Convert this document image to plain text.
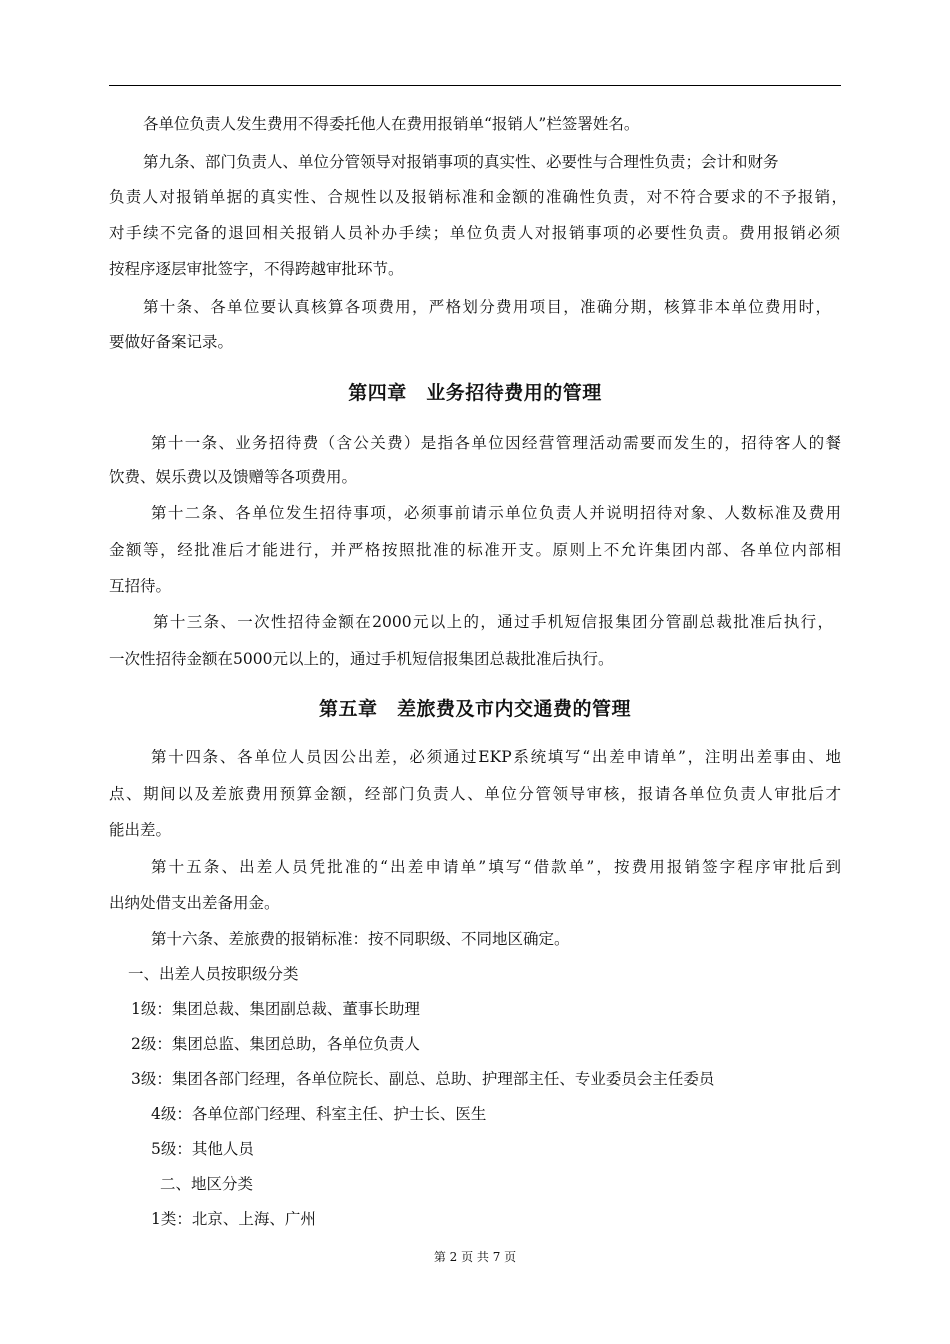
各单位负责人发生费用不得委托他人在费用报销单“报销人”栏签署姓名。
第九条、部门负责人、单位分管领导对报销事项的真实性、必要性与合理性负责；会计和财务
负责人对报销单据的真实性、合规性以及报销标准和金额的准确性负责，对不符合要求的不予报销，
对手续不完备的退回相关报销人员补办手续；单位负责人对报销事项的必要性负责。费用报销必须
按程序逐层审批签字，不得跨越审批环节。
第十条、各单位要认真核算各项费用，严格划分费用项目，准确分期，核算非本单位费用时，
要做好备案记录。
第四章　业务招待费用的管理
第十一条、业务招待费（含公关费）是指各单位因经营管理活动需要而发生的，招待客人的餐
饮费、娱乐费以及馈赠等各项费用。
第十二条、各单位发生招待事项，必须事前请示单位负责人并说明招待对象、人数标准及费用
金额等，经批准后才能进行，并严格按照批准的标准开支。原则上不允许集团内部、各单位内部相
互招待。
第十三条、一次性招待金额在2000元以上的，通过手机短信报集团分管副总裁批准后执行，
一次性招待金额在5000元以上的，通过手机短信报集团总裁批准后执行。
第五章　差旅费及市内交通费的管理
第十四条、各单位人员因公出差，必须通过EKP系统填写“出差申请单”，注明出差事由、地
点、期间以及差旅费用预算金额，经部门负责人、单位分管领导审核，报请各单位负责人审批后才
能出差。
第十五条、出差人员凭批准的“出差申请单”填写“借款单”，按费用报销签字程序审批后到
出纳处借支出差备用金。
第十六条、差旅费的报销标准：按不同职级、不同地区确定。
一、出差人员按职级分类
1级：集团总裁、集团副总裁、董事长助理
2级：集团总监、集团总助，各单位负责人
3级：集团各部门经理，各单位院长、副总、总助、护理部主任、专业委员会主任委员
4级：各单位部门经理、科室主任、护士长、医生
5级：其他人员
二、地区分类
1类：北京、上海、广州
第 2 页 共 7 页
